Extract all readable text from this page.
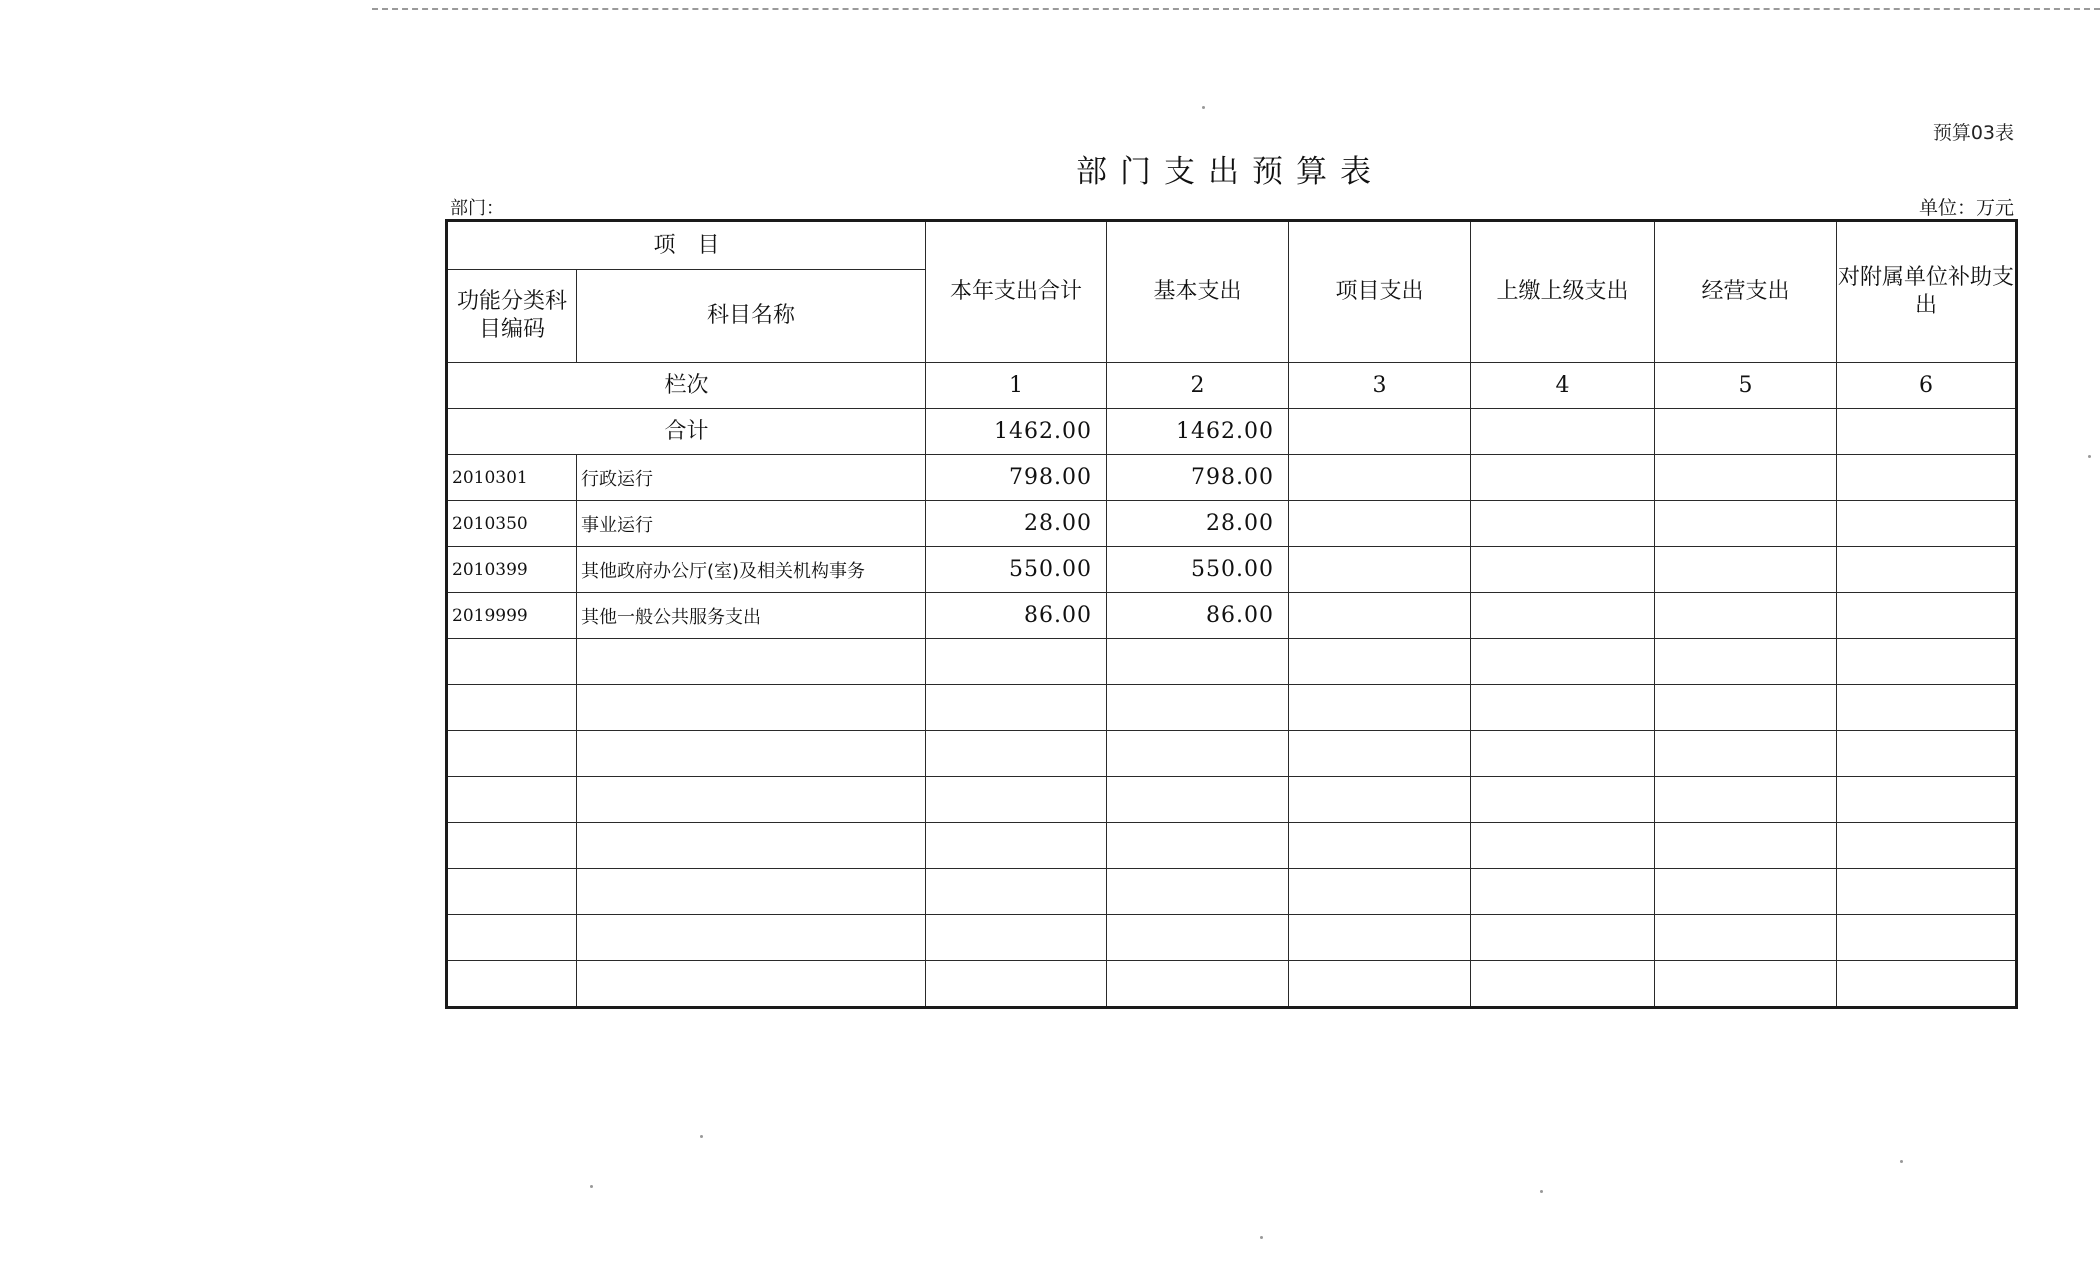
预算03表
部门支出预算表
部门：	单位：万元
项　目		本年支出合计	基本支出	项目支出	上缴上级支出	经营支出	对附属单位补助支出
功能分类科目编码	科目名称						
栏次		1	2	3	4	5	6
合计		1462.00	1462.00				
2010301	行政运行	798.00	798.00				
2010350	事业运行	28.00	28.00				
2010399	其他政府办公厅(室)及相关机构事务	550.00	550.00				
2019999	其他一般公共服务支出	86.00	86.00				
